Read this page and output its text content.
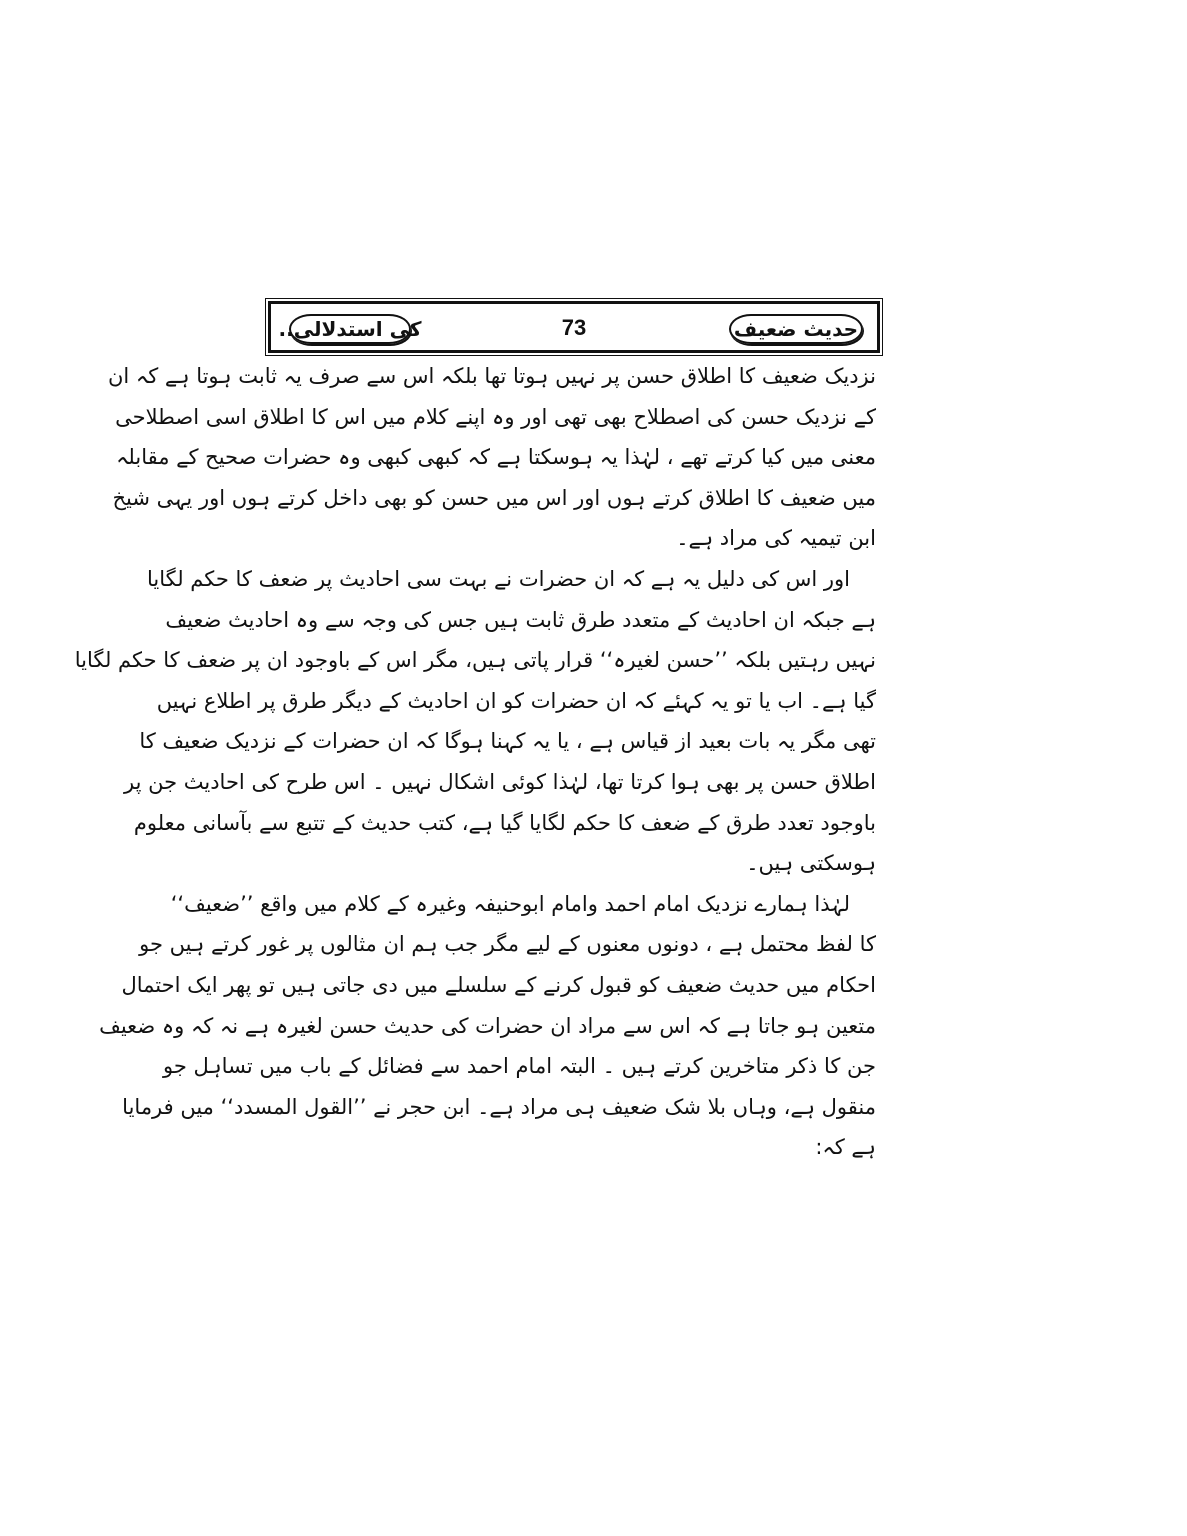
کی استدلالی..	73	حدیث ضعیف
نزدیک ضعیف کا اطلاق حسن پر نہیں ہوتا تھا بلکہ اس سے صرف یہ ثابت ہوتا ہے کہ ان
کے نزدیک حسن کی اصطلاح بھی تھی اور وہ اپنے کلام میں اس کا اطلاق اسی اصطلاحی
معنی میں کیا کرتے تھے ، لہٰذا یہ ہوسکتا ہے کہ کبھی کبھی وہ حضرات صحیح کے مقابلہ
میں ضعیف کا اطلاق کرتے ہوں اور اس میں حسن کو بھی داخل کرتے ہوں اور یہی شیخ
ابن تیمیہ کی مراد ہے۔
اور اس کی دلیل یہ ہے کہ ان حضرات نے بہت سی احادیث پر ضعف کا حکم لگایا
ہے جبکہ ان احادیث کے متعدد طرق ثابت ہیں جس کی وجہ سے وہ احادیث ضعیف
نہیں رہتیں بلکہ ’’حسن لغیرہ‘‘ قرار پاتی ہیں، مگر اس کے باوجود ان پر ضعف کا حکم لگایا
گیا ہے۔ اب یا تو یہ کہئے کہ ان حضرات کو ان احادیث کے دیگر طرق پر اطلاع نہیں
تھی مگر یہ بات بعید از قیاس ہے ، یا یہ کہنا ہوگا کہ ان حضرات کے نزدیک ضعیف کا
اطلاق حسن پر بھی ہوا کرتا تھا، لہٰذا کوئی اشکال نہیں ۔ اس طرح کی احادیث جن پر
باوجود تعدد طرق کے ضعف کا حکم لگایا گیا ہے، کتب حدیث کے تتبع سے بآسانی معلوم
ہوسکتی ہیں۔
لہٰذا ہمارے نزدیک امام احمد وامام ابوحنیفہ وغیرہ کے کلام میں واقع ’’ضعیف‘‘
کا لفظ محتمل ہے ، دونوں معنوں کے لیے مگر جب ہم ان مثالوں پر غور کرتے ہیں جو
احکام میں حدیث ضعیف کو قبول کرنے کے سلسلے میں دی جاتی ہیں تو پھر ایک احتمال
متعین ہو جاتا ہے کہ اس سے مراد ان حضرات کی حدیث حسن لغیرہ ہے نہ کہ وہ ضعیف
جن کا ذکر متاخرین کرتے ہیں ۔ البتہ امام احمد سے فضائل کے باب میں تساہل جو
منقول ہے، وہاں بلا شک ضعیف ہی مراد ہے۔ ابن حجر نے ’’القول المسدد‘‘ میں فرمایا
ہے کہ:
